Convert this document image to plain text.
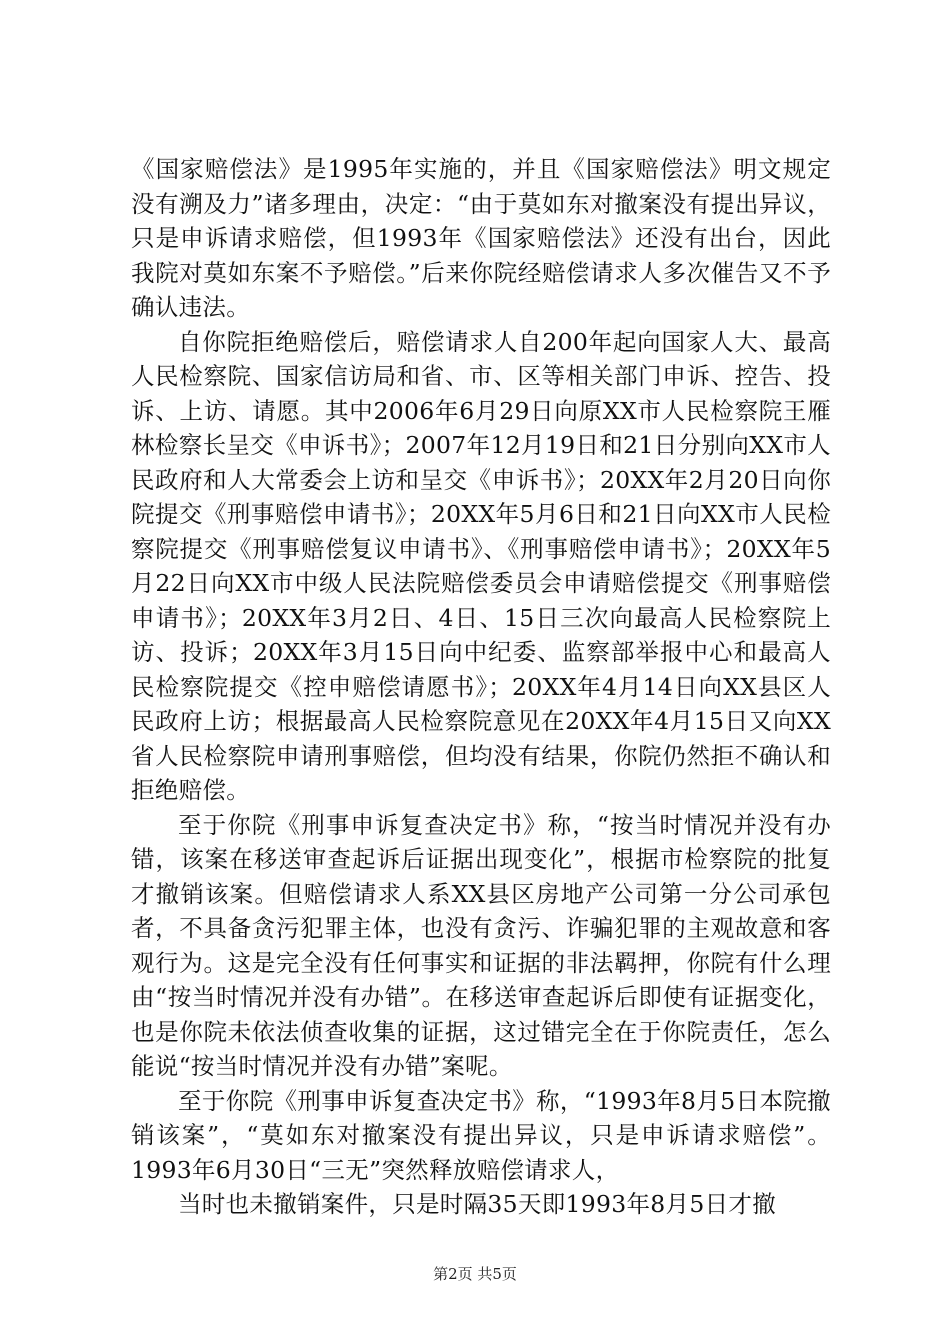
《国家赔偿法》是1995年实施的，并且《国家赔偿法》明文规定没有溯及力”诸多理由，决定：“由于莫如东对撤案没有提出异议，只是申诉请求赔偿，但1993年《国家赔偿法》还没有出台，因此我院对莫如东案不予赔偿。”后来你院经赔偿请求人多次催告又不予确认违法。

自你院拒绝赔偿后，赔偿请求人自200年起向国家人大、最高人民检察院、国家信访局和省、市、区等相关部门申诉、控告、投诉、上访、请愿。其中2006年6月29日向原XX市人民检察院王雁林检察长呈交《申诉书》；2007年12月19日和21日分别向XX市人民政府和人大常委会上访和呈交《申诉书》；20XX年2月20日向你院提交《刑事赔偿申请书》；20XX年5月6日和21日向XX市人民检察院提交《刑事赔偿复议申请书》、《刑事赔偿申请书》；20XX年5月22日向XX市中级人民法院赔偿委员会申请赔偿提交《刑事赔偿申请书》；20XX年3月2日、4日、15日三次向最高人民检察院上访、投诉；20XX年3月15日向中纪委、监察部举报中心和最高人民检察院提交《控申赔偿请愿书》；20XX年4月14日向XX县区人民政府上访；根据最高人民检察院意见在20XX年4月15日又向XX省人民检察院申请刑事赔偿，但均没有结果，你院仍然拒不确认和拒绝赔偿。

至于你院《刑事申诉复查决定书》称，“按当时情况并没有办错，该案在移送审查起诉后证据出现变化”，根据市检察院的批复才撤销该案。但赔偿请求人系XX县区房地产公司第一分公司承包者，不具备贪污犯罪主体，也没有贪污、诈骗犯罪的主观故意和客观行为。这是完全没有任何事实和证据的非法羁押，你院有什么理由“按当时情况并没有办错”。在移送审查起诉后即使有证据变化，也是你院未依法侦查收集的证据，这过错完全在于你院责任，怎么能说“按当时情况并没有办错”案呢。

至于你院《刑事申诉复查决定书》称，“1993年8月5日本院撤销该案”，“莫如东对撤案没有提出异议，只是申诉请求赔偿”。1993年6月30日“三无”突然释放赔偿请求人，

当时也未撤销案件，只是时隔35天即1993年8月5日才撤

第2页 共5页
